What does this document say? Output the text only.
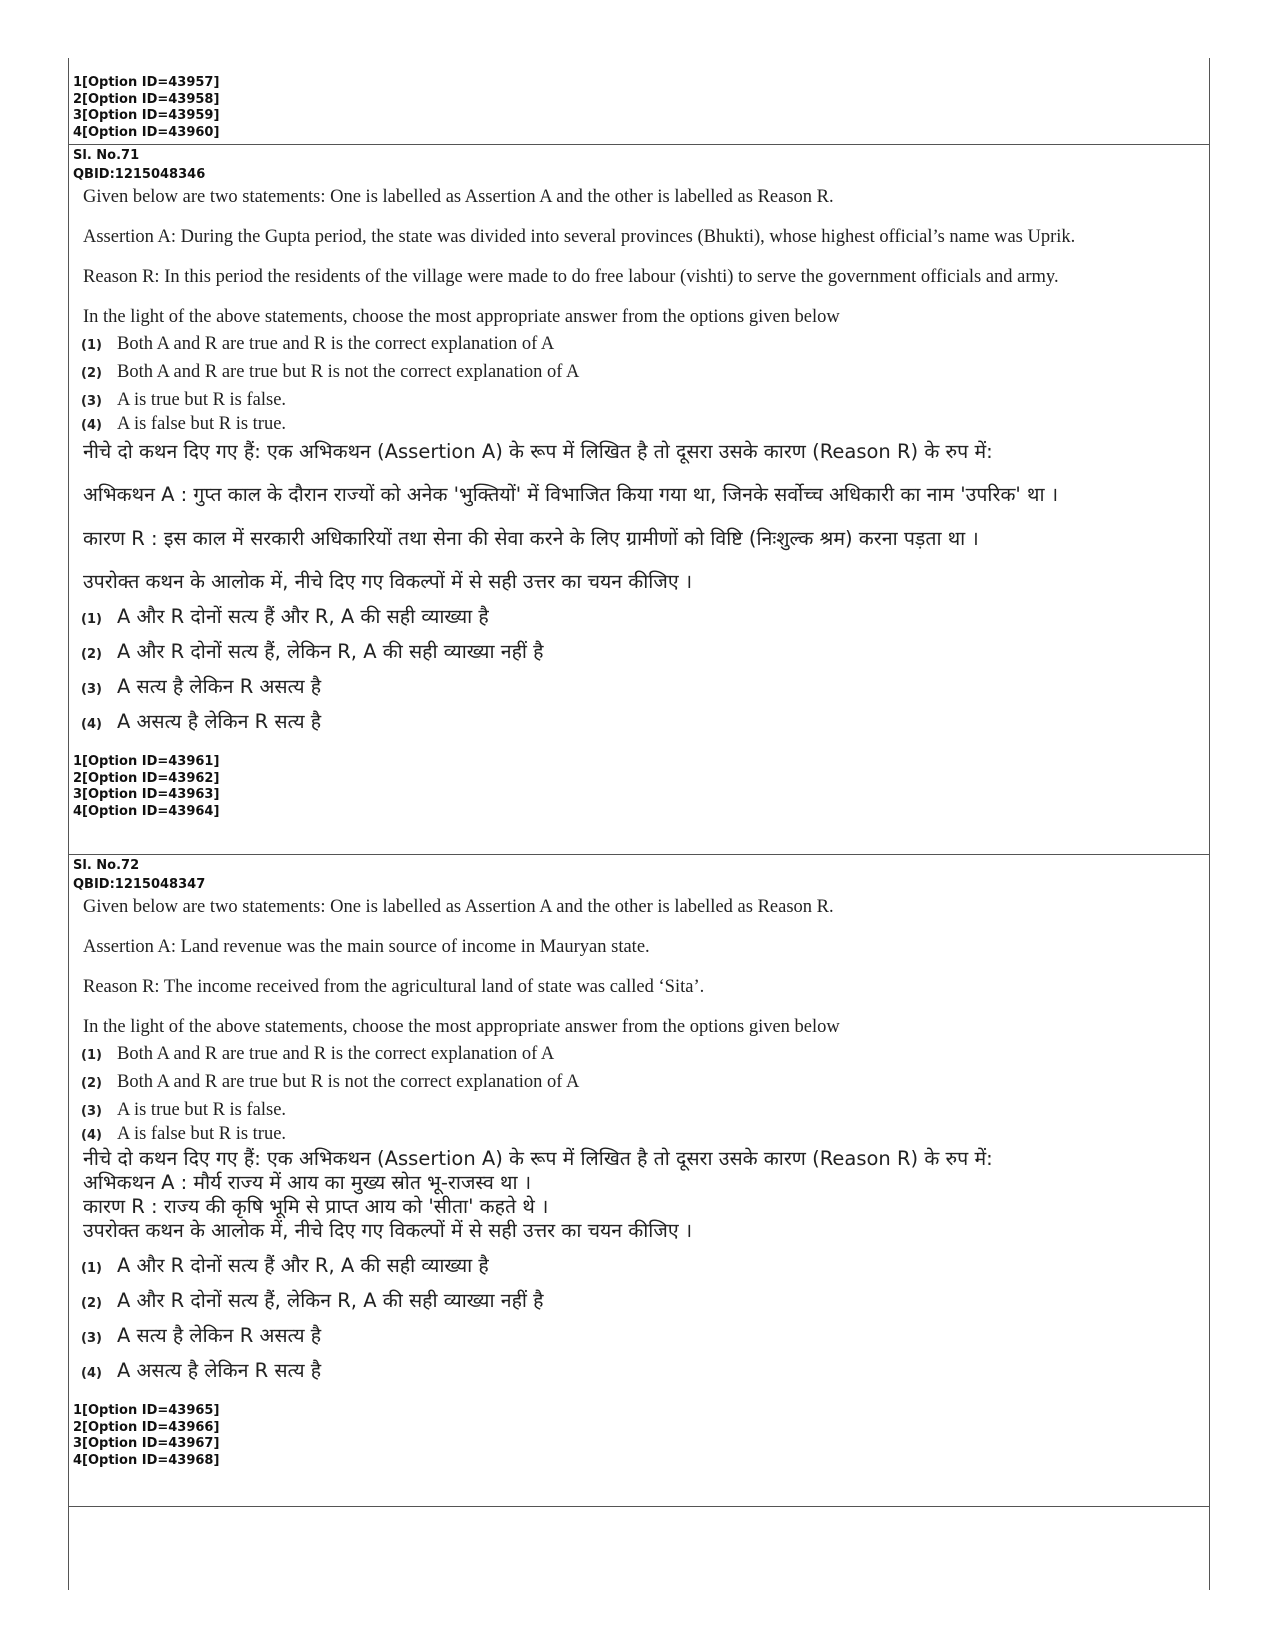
1[Option ID=43957]
2[Option ID=43958]
3[Option ID=43959]
4[Option ID=43960]
Sl. No.71
QBID:1215048346
Given below are two statements: One is labelled as Assertion A and the other is labelled as Reason R.
Assertion A: During the Gupta period, the state was divided into several provinces (Bhukti), whose highest official’s name was Uprik.
Reason R: In this period the residents of the village were made to do free labour (vishti) to serve the government officials and army.
In the light of the above statements, choose the most appropriate answer from the options given below
(1) Both A and R are true and R is the correct explanation of A
(2) Both A and R are true but R is not the correct explanation of A
(3) A is true but R is false.
(4) A is false but R is true.
नीचे दो कथन दिए गए हैं: एक अभिकथन (Assertion A) के रूप में लिखित है तो दूसरा उसके कारण (Reason R) के रुप में:
अभिकथन A : गुप्त काल के दौरान राज्यों को अनेक 'भुक्तियों' में विभाजित किया गया था, जिनके सर्वोच्च अधिकारी का नाम 'उपरिक' था ।
कारण R : इस काल में सरकारी अधिकारियों तथा सेना की सेवा करने के लिए ग्रामीणों को विष्टि (निःशुल्क श्रम) करना पड़ता था ।
उपरोक्त कथन के आलोक में, नीचे दिए गए विकल्पों में से सही उत्तर का चयन कीजिए ।
(1) A और R दोनों सत्य हैं और R, A की सही व्याख्या है
(2) A और R दोनों सत्य हैं, लेकिन R, A की सही व्याख्या नहीं है
(3) A सत्य है लेकिन R असत्य है
(4) A असत्य है लेकिन R सत्य है
1[Option ID=43961]
2[Option ID=43962]
3[Option ID=43963]
4[Option ID=43964]
Sl. No.72
QBID:1215048347
Given below are two statements: One is labelled as Assertion A and the other is labelled as Reason R.
Assertion A: Land revenue was the main source of income in Mauryan state.
Reason R: The income received from the agricultural land of state was called ‘Sita’.
In the light of the above statements, choose the most appropriate answer from the options given below
(1) Both A and R are true and R is the correct explanation of A
(2) Both A and R are true but R is not the correct explanation of A
(3) A is true but R is false.
(4) A is false but R is true.
नीचे दो कथन दिए गए हैं: एक अभिकथन (Assertion A) के रूप में लिखित है तो दूसरा उसके कारण (Reason R) के रुप में:
अभिकथन A : मौर्य राज्य में आय का मुख्य स्रोत भू-राजस्व था ।
कारण R : राज्य की कृषि भूमि से प्राप्त आय को 'सीता' कहते थे ।
उपरोक्त कथन के आलोक में, नीचे दिए गए विकल्पों में से सही उत्तर का चयन कीजिए ।
(1) A और R दोनों सत्य हैं और R, A की सही व्याख्या है
(2) A और R दोनों सत्य हैं, लेकिन R, A की सही व्याख्या नहीं है
(3) A सत्य है लेकिन R असत्य है
(4) A असत्य है लेकिन R सत्य है
1[Option ID=43965]
2[Option ID=43966]
3[Option ID=43967]
4[Option ID=43968]
